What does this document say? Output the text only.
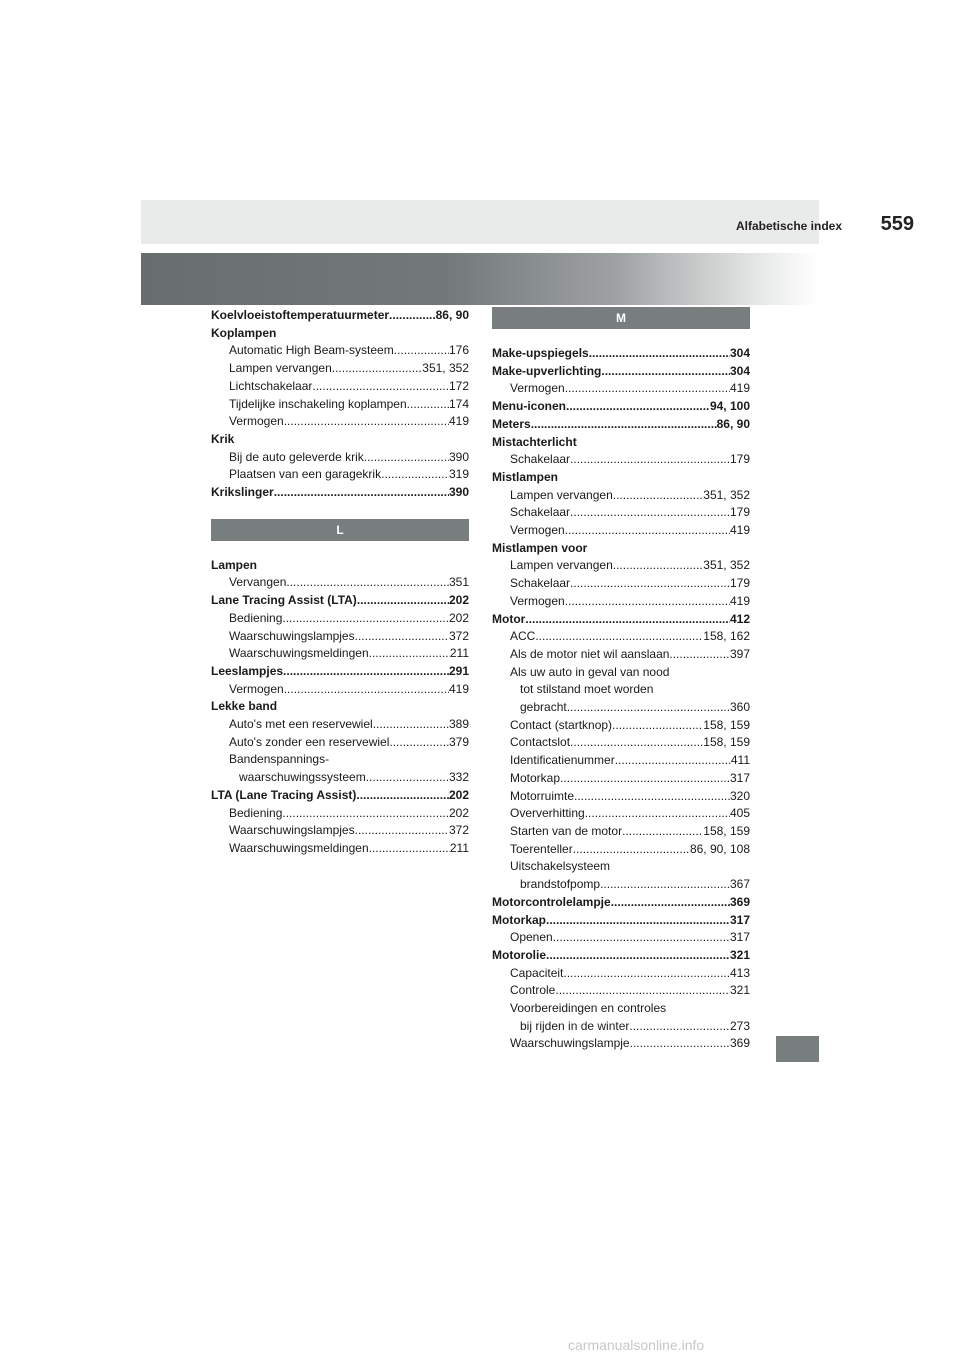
Alfabetische index 559
Koelvloeistoftemperatuurmeter .....	86, 90
Koplampen
Automatic High Beam-systeem .....	176
Lampen vervangen .....	351, 352
Lichtschakelaar .....	172
Tijdelijke inschakeling koplampen .....	174
Vermogen .....	419
Krik
Bij de auto geleverde krik .....	390
Plaatsen van een garagekrik .....	319
Krikslinger .....	390
L
Lampen
Vervangen .....	351
Lane Tracing Assist (LTA) .....	202
Bediening .....	202
Waarschuwingslampjes .....	372
Waarschuwingsmeldingen .....	211
Leeslampjes .....	291
Vermogen .....	419
Lekke band
Auto's met een reservewiel .....	389
Auto's zonder een reservewiel .....	379
Bandenspannings-
waarschuwingssysteem .....	332
LTA (Lane Tracing Assist) .....	202
Bediening .....	202
Waarschuwingslampjes .....	372
Waarschuwingsmeldingen .....	211
M
Make-upspiegels .....	304
Make-upverlichting .....	304
Vermogen .....	419
Menu-iconen .....	94, 100
Meters .....	86, 90
Mistachterlicht
Schakelaar .....	179
Mistlampen
Lampen vervangen .....	351, 352
Schakelaar .....	179
Vermogen .....	419
Mistlampen voor
Lampen vervangen .....	351, 352
Schakelaar .....	179
Vermogen .....	419
Motor .....	412
ACC .....	158, 162
Als de motor niet wil aanslaan .....	397
Als uw auto in geval van nood
tot stilstand moet worden
gebracht .....	360
Contact (startknop) .....	158, 159
Contactslot .....	158, 159
Identificatienummer .....	411
Motorkap .....	317
Motorruimte .....	320
Oververhitting .....	405
Starten van de motor .....	158, 159
Toerenteller .....	86, 90, 108
Uitschakelsysteem
brandstofpomp .....	367
Motorcontrolelampje .....	369
Motorkap .....	317
Openen .....	317
Motorolie .....	321
Capaciteit .....	413
Controle .....	321
Voorbereidingen en controles
bij rijden in de winter .....	273
Waarschuwingslampje .....	369
carmanualsonline.info
